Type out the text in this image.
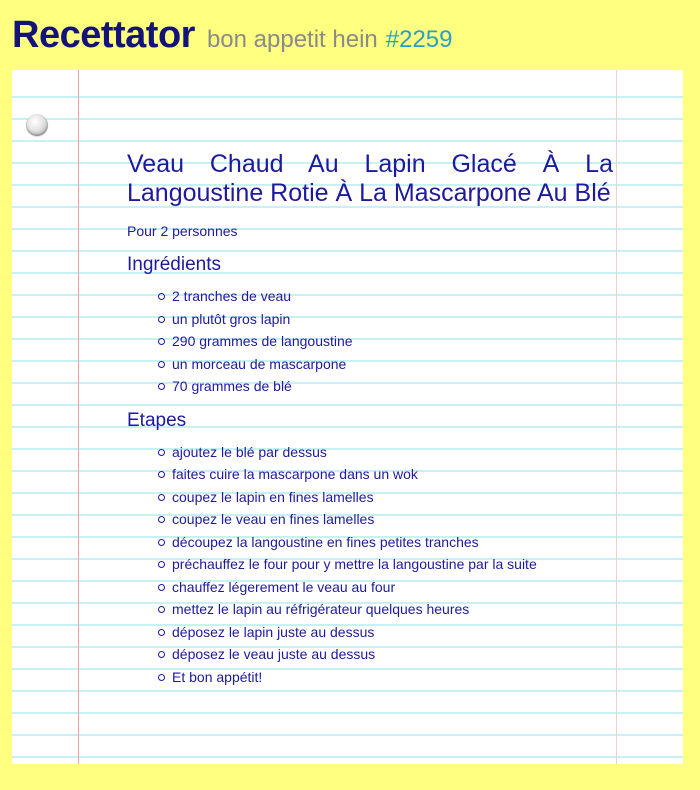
Recettator bon appetit hein #2259
Veau Chaud Au Lapin Glacé À La Langoustine Rotie À La Mascarpone Au Blé

Pour 2 personnes

Ingrédients
2 tranches de veau
un plutôt gros lapin
290 grammes de langoustine
un morceau de mascarpone
70 grammes de blé
Etapes
ajoutez le blé par dessus
faites cuire la mascarpone dans un wok
coupez le lapin en fines lamelles
coupez le veau en fines lamelles
découpez la langoustine en fines petites tranches
préchauffez le four pour y mettre la langoustine par la suite
chauffez légerement le veau au four
mettez le lapin au réfrigérateur quelques heures
déposez le lapin juste au dessus
déposez le veau juste au dessus
Et bon appétit!
